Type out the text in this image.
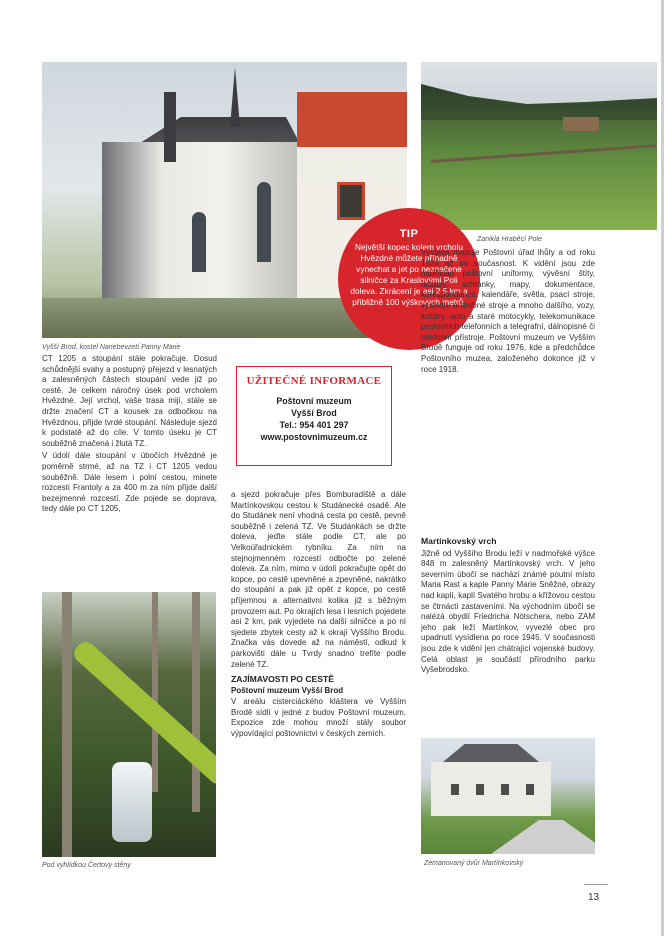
Vyšší Brod, kostel Nanebevzetí Panny Marie
Zaniklá Hraběcí Pole
TIP
Největší kopec kolem vrcholu Hvězdné můžete případně vynechat a jet po neznačené silničce za Kraslovými Poli doleva. Zkrácení je asi 2,5 km a přibližně 100 výškových metrů.

CT 1205 a stoupání stále pokračuje. Dosud schůdnější svahy a postupný přejezd v lesnatých a zalesněných částech stoupání vede již po cestě. Je celkem náročný úsek pod vrcholem Hvězdné. Její vrchol, vaše trasa mijí, stále se držte značení CT a kousek za odbočkou na Hvězdnou, přijde tvrdé stoupání. Následuje sjezd k podstatě až do cíle. V tomto úseku je CT souběžně značená i žlutá TZ.

V údolí dále stoupání v úbočích Hvězdné je poměrně strmé, až na TZ i CT 1205 vedou souběžně. Dále lesem i polní cestou, minete rozcestí Frantoly a za 400 m za ním přijde další bezejmenné rozcestí. Zde pojede se doprava, tedy dále po CT 1205,

Pod vyhlídkou Čertovy stěny
UŽITEČNÉ INFORMACE
Poštovní muzeum
Vyšší Brod
Tel.: 954 401 297
www.postovnimuzeum.cz

a sjezd pokračuje přes Bomburadiště a dále Martínkovskou cestou k Studánecké osadě. Ale do Studánek není vhodná cesta po cestě, pevně souběžně i zelená TZ. Ve Studánkách se držte doleva, jeďte stále podle CT, ale po Velkoúřadnickém rybníku. Za ním na stejnojmenném rozcestí odbočte po zelené doleva. Za ním, mimo v údolí pokračujte opět do kopce, po cestě upevněné a zpevněné, nakrátko do stoupání a pak již opět z kopce, po cestě příjemnou a alternativní kolika již s běžným provozem aut. Po okrajích lesa i lesních pojedete asi 2 km, pak vyjedete na další silničce a po ní sjedete zbytek cesty až k okraji Vyššího Brodu. Značka vás dovede až na náměstí, odkud k parkovišti dále u Tvrdy snadno trefíte podle zelené TZ.

ZAJÍMAVOSTI PO CESTĚ
Poštovní muzeum Vyšší Brod

V areálu cisterciáckého kláštera ve Vyšším Brodě sídlí v jedné z budov Poštovní muzeum. Expozice zde mohou množí stály soubor výpovídající poštovnictví v českých zemích.

Výstava mapuje Poštovní úřad lhůty a od roku 1526 až po současnost. K vidění jsou zde například poštovní uniformy, vývěsní štíty, odkazy, schránky, mapy, dokumentace, korespondence, kalendáře, světla, psací stroje, výslední a drobné stroje a mnoho dalšího, vozy, kočáry, auto a staré motocykly, telekomunikace poslovních telefonních a telegrafní, dálnopisné či telefonní přístroje. Poštovní muzeum ve Vyšším Brodě funguje od roku 1976, kde a předchůdce Poštovního muzea, založeného dokonce již v roce 1918.

Martínkovský vrch

Jižně od Vyššího Brodu leží v nadmořské výšce 848 m zalesněný Martínkovský vrch. V jeho severním úbočí se nachází známé poutní místo Maria Rast a kaple Panny Marie Sněžné, obrazy nad kaplí, kaplí Svatého hrobu a křížovou cestou se čtrnácti zastaveními. Na východním úbočí se nalézá obydlí Friedricha Nötschera, nebo ZAM jeho pak leží Martínkov, vyvezlé obec pro upadnutí vysídlena po roce 1945. V současnosti jsou zde k vidění jen chátrající vojenské budovy. Celá oblast je součástí přírodního parku Vyšebrodsko.

Zemanovaný dvůr Martínkovský
13
